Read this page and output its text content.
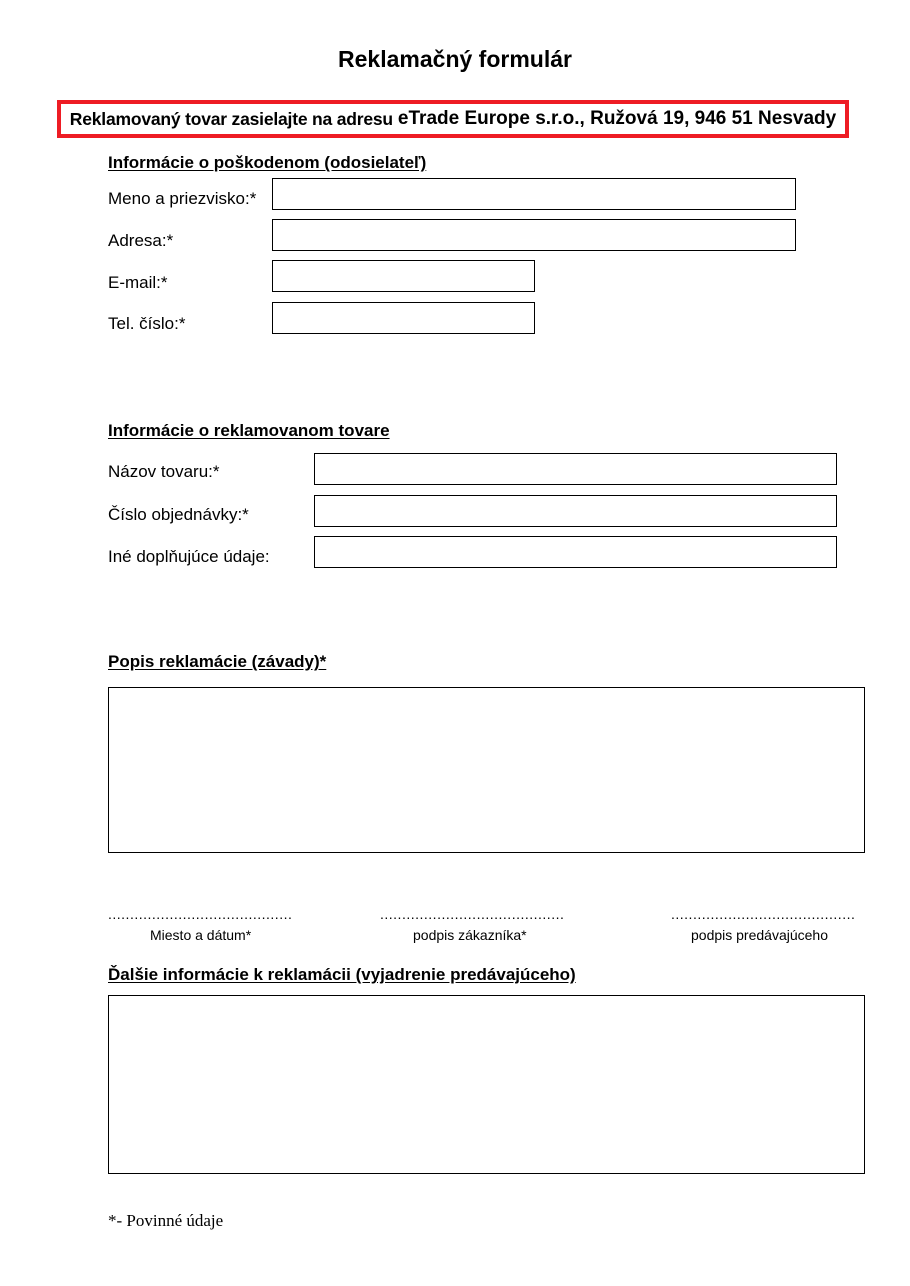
Reklamačný formulár
Reklamovaný tovar zasielajte na adresu eTrade Europe s.r.o., Ružová 19, 946 51 Nesvady
Informácie o poškodenom (odosielateľ)
Meno a priezvisko:*
Adresa:*
E-mail:*
Tel. číslo:*
Informácie o reklamovanom tovare
Názov tovaru:*
Číslo objednávky:*
Iné doplňujúce údaje:
Popis reklamácie (závady)*
..........................................
Miesto a dátum*
..........................................
podpis zákazníka*
..........................................
podpis predávajúceho
Ďalšie informácie k reklamácii (vyjadrenie predávajúceho)
*- Povinné údaje
